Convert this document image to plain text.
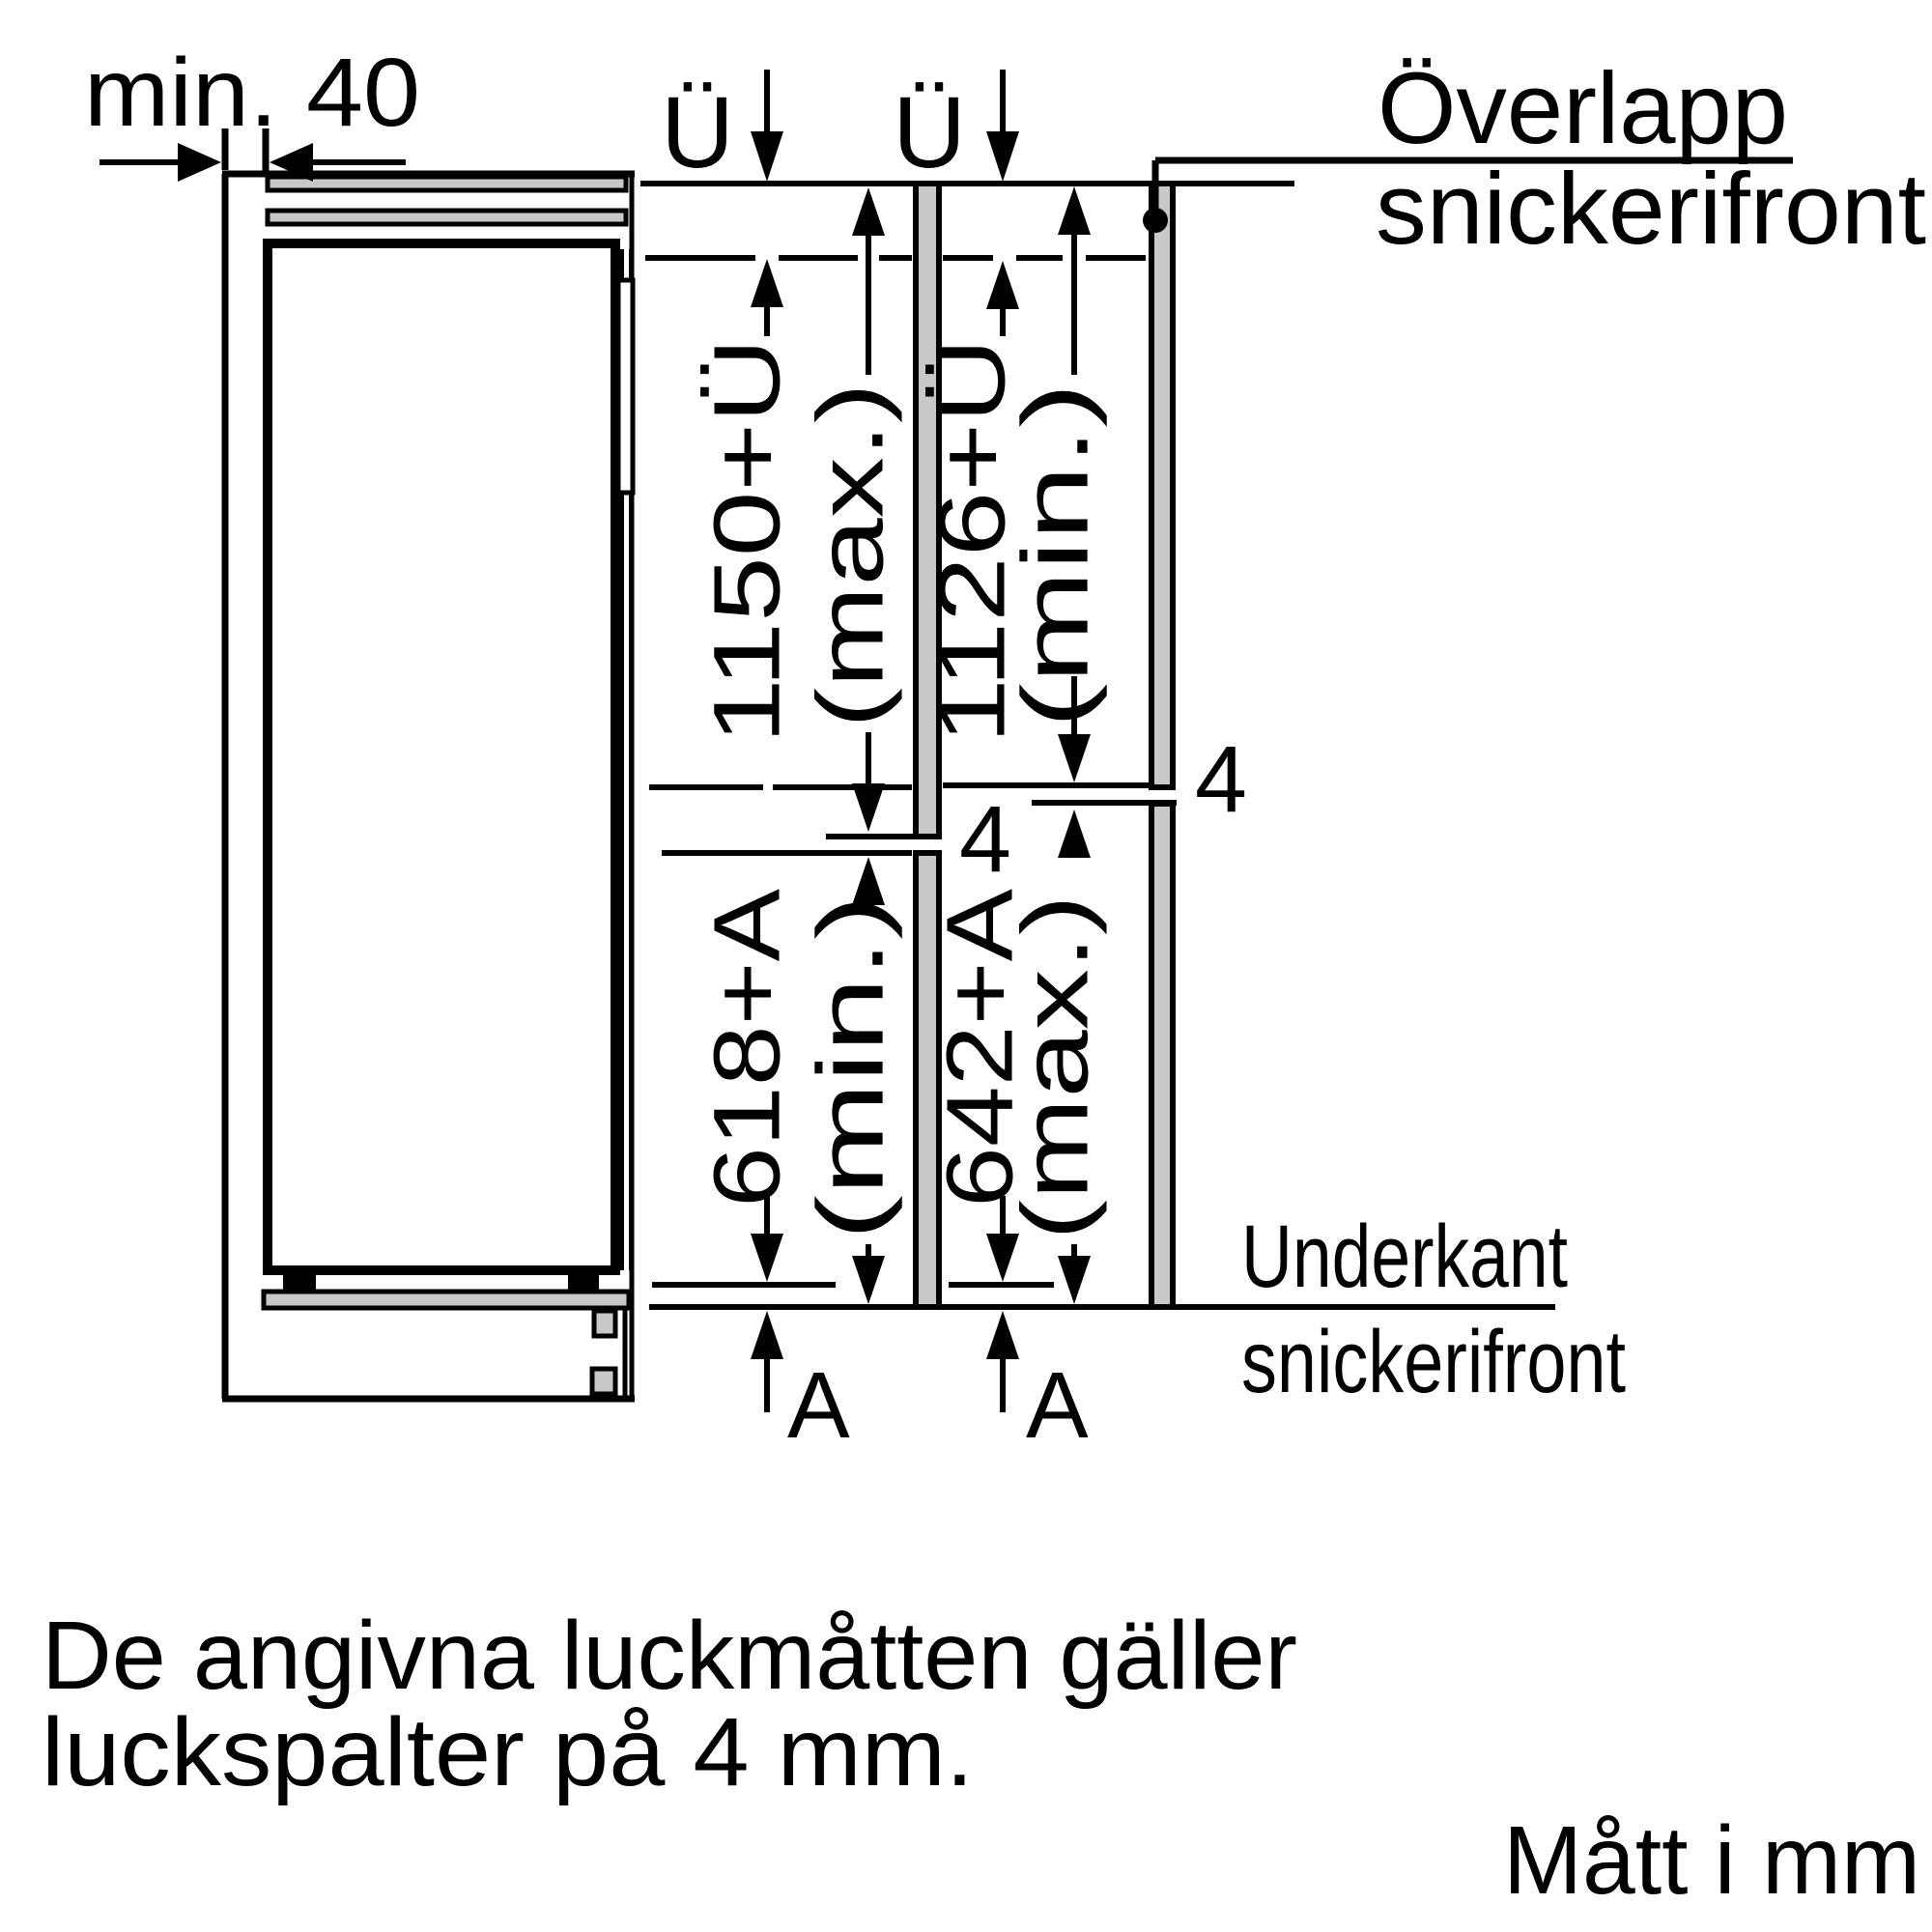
min. 40 Ü Ü
1150+Ü
(max.)
618+A
(min.)
1126+Ü
(min.)
642+A
(max.)
4
4
A A
Överlapp
snickerifront
Underkant
snickerifront
De angivna luckmåtten gäller
luckspalter på 4 mm.
Mått i mm
